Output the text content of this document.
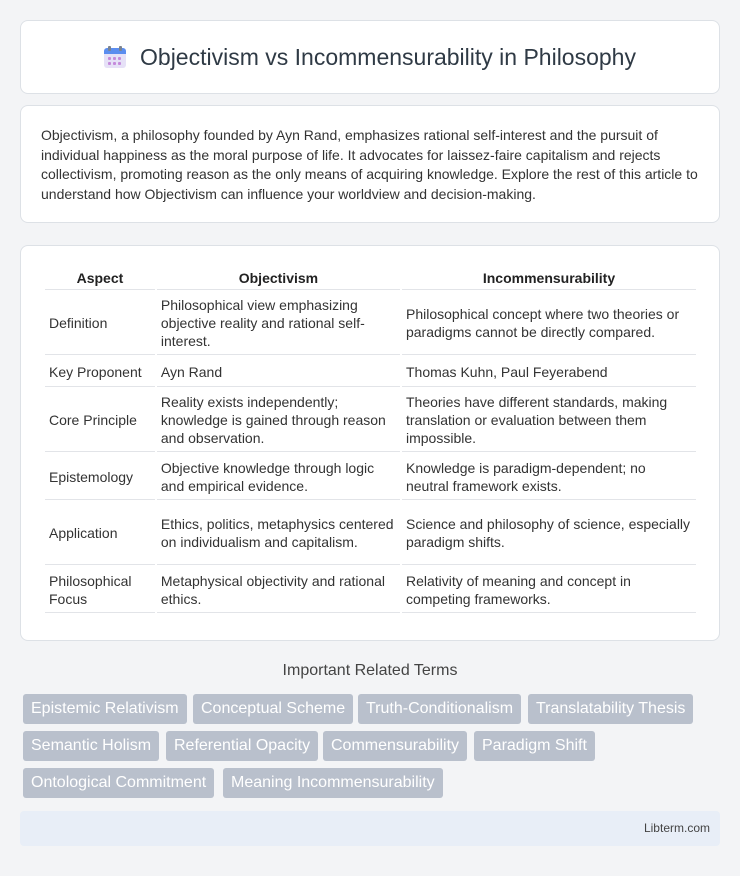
Objectivism vs Incommensurability in Philosophy

Objectivism, a philosophy founded by Ayn Rand, emphasizes rational self-interest and the pursuit of individual happiness as the moral purpose of life. It advocates for laissez-faire capitalism and rejects collectivism, promoting reason as the only means of acquiring knowledge. Explore the rest of this article to understand how Objectivism can influence your worldview and decision-making.

Aspect	Objectivism	Incommensurability
Definition	Philosophical view emphasizing objective reality and rational self-interest.	Philosophical concept where two theories or paradigms cannot be directly compared.
Key Proponent	Ayn Rand	Thomas Kuhn, Paul Feyerabend
Core Principle	Reality exists independently; knowledge is gained through reason and observation.	Theories have different standards, making translation or evaluation between them impossible.
Epistemology	Objective knowledge through logic and empirical evidence.	Knowledge is paradigm-dependent; no neutral framework exists.
Application	Ethics, politics, metaphysics centered on individualism and capitalism.	Science and philosophy of science, especially paradigm shifts.
Philosophical Focus	Metaphysical objectivity and rational ethics.	Relativity of meaning and concept in competing frameworks.
Important Related Terms
Epistemic Relativism	Conceptual Scheme	Truth-Conditionalism	Translatability Thesis
Semantic Holism	Referential Opacity	Commensurability	Paradigm Shift
Ontological Commitment	Meaning Incommensurability
Libterm.com
